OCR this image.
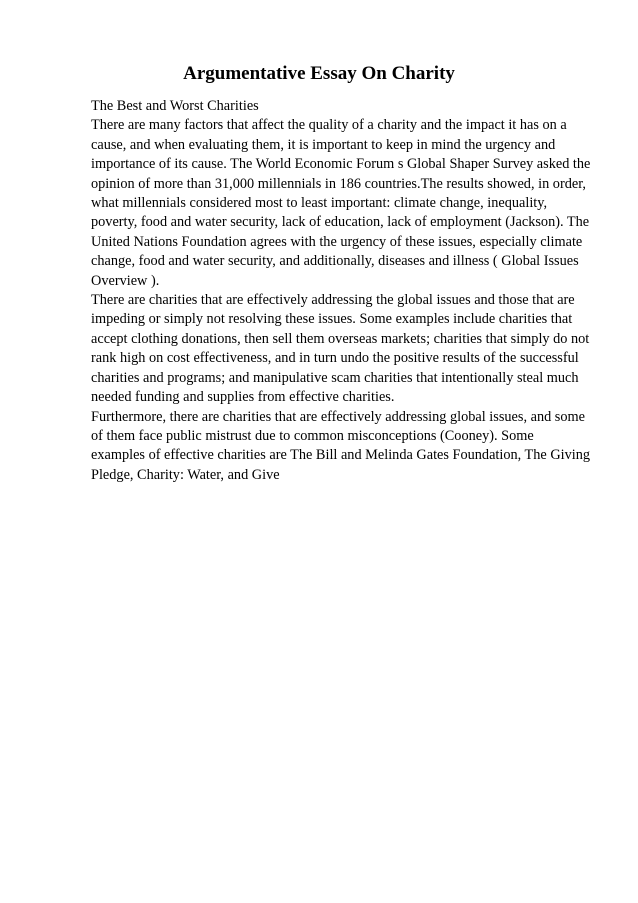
Argumentative Essay On Charity

The Best and Worst Charities

There are many factors that affect the quality of a charity and the impact it has on a cause, and when evaluating them, it is important to keep in mind the urgency and importance of its cause. The World Economic Forum s Global Shaper Survey asked the opinion of more than 31,000 millennials in 186 countries.The results showed, in order, what millennials considered most to least important: climate change, inequality, poverty, food and water security, lack of education, lack of employment (Jackson). The United Nations Foundation agrees with the urgency of these issues, especially climate change, food and water security, and additionally, diseases and illness ( Global Issues Overview ).

There are charities that are effectively addressing the global issues and those that are impeding or simply not resolving these issues. Some examples include charities that accept clothing donations, then sell them overseas markets; charities that simply do not rank high on cost effectiveness, and in turn undo the positive results of the successful charities and programs; and manipulative scam charities that intentionally steal much needed funding and supplies from effective charities.

Furthermore, there are charities that are effectively addressing global issues, and some of them face public mistrust due to common misconceptions (Cooney). Some examples of effective charities are The Bill and Melinda Gates Foundation, The Giving Pledge, Charity: Water, and Give
